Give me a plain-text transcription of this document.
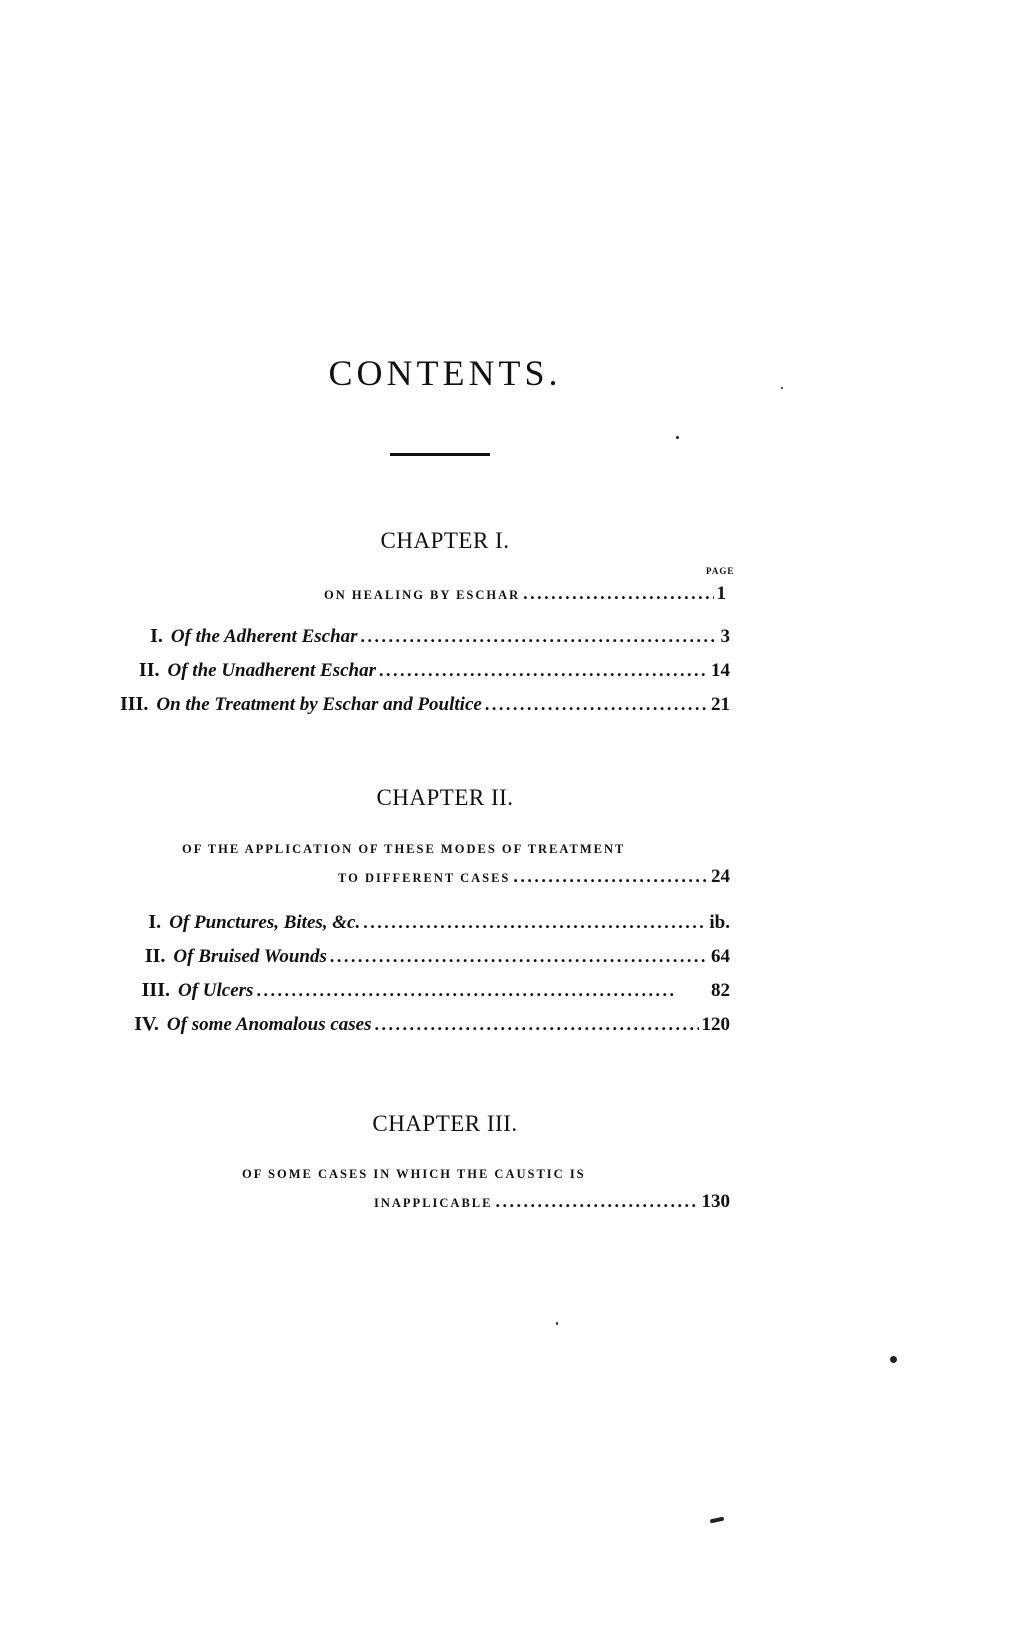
CONTENTS.
CHAPTER I.
PAGE
ON HEALING BY ESCHAR . . .	1
I. Of the Adherent Eschar . . .	3
II. Of the Unadherent Eschar . . .	14
III. On the Treatment by Eschar and Poultice . . .	21
CHAPTER II.
OF THE APPLICATION OF THESE MODES OF TREATMENT
TO DIFFERENT CASES . . .	24
I. Of Punctures, Bites, &c. . . .	ib.
II. Of Bruised Wounds . . .	64
III. Of Ulcers . . .	82
IV. Of some Anomalous cases . . .	120
CHAPTER III.
OF SOME CASES IN WHICH THE CAUSTIC IS
INAPPLICABLE . . .	130
